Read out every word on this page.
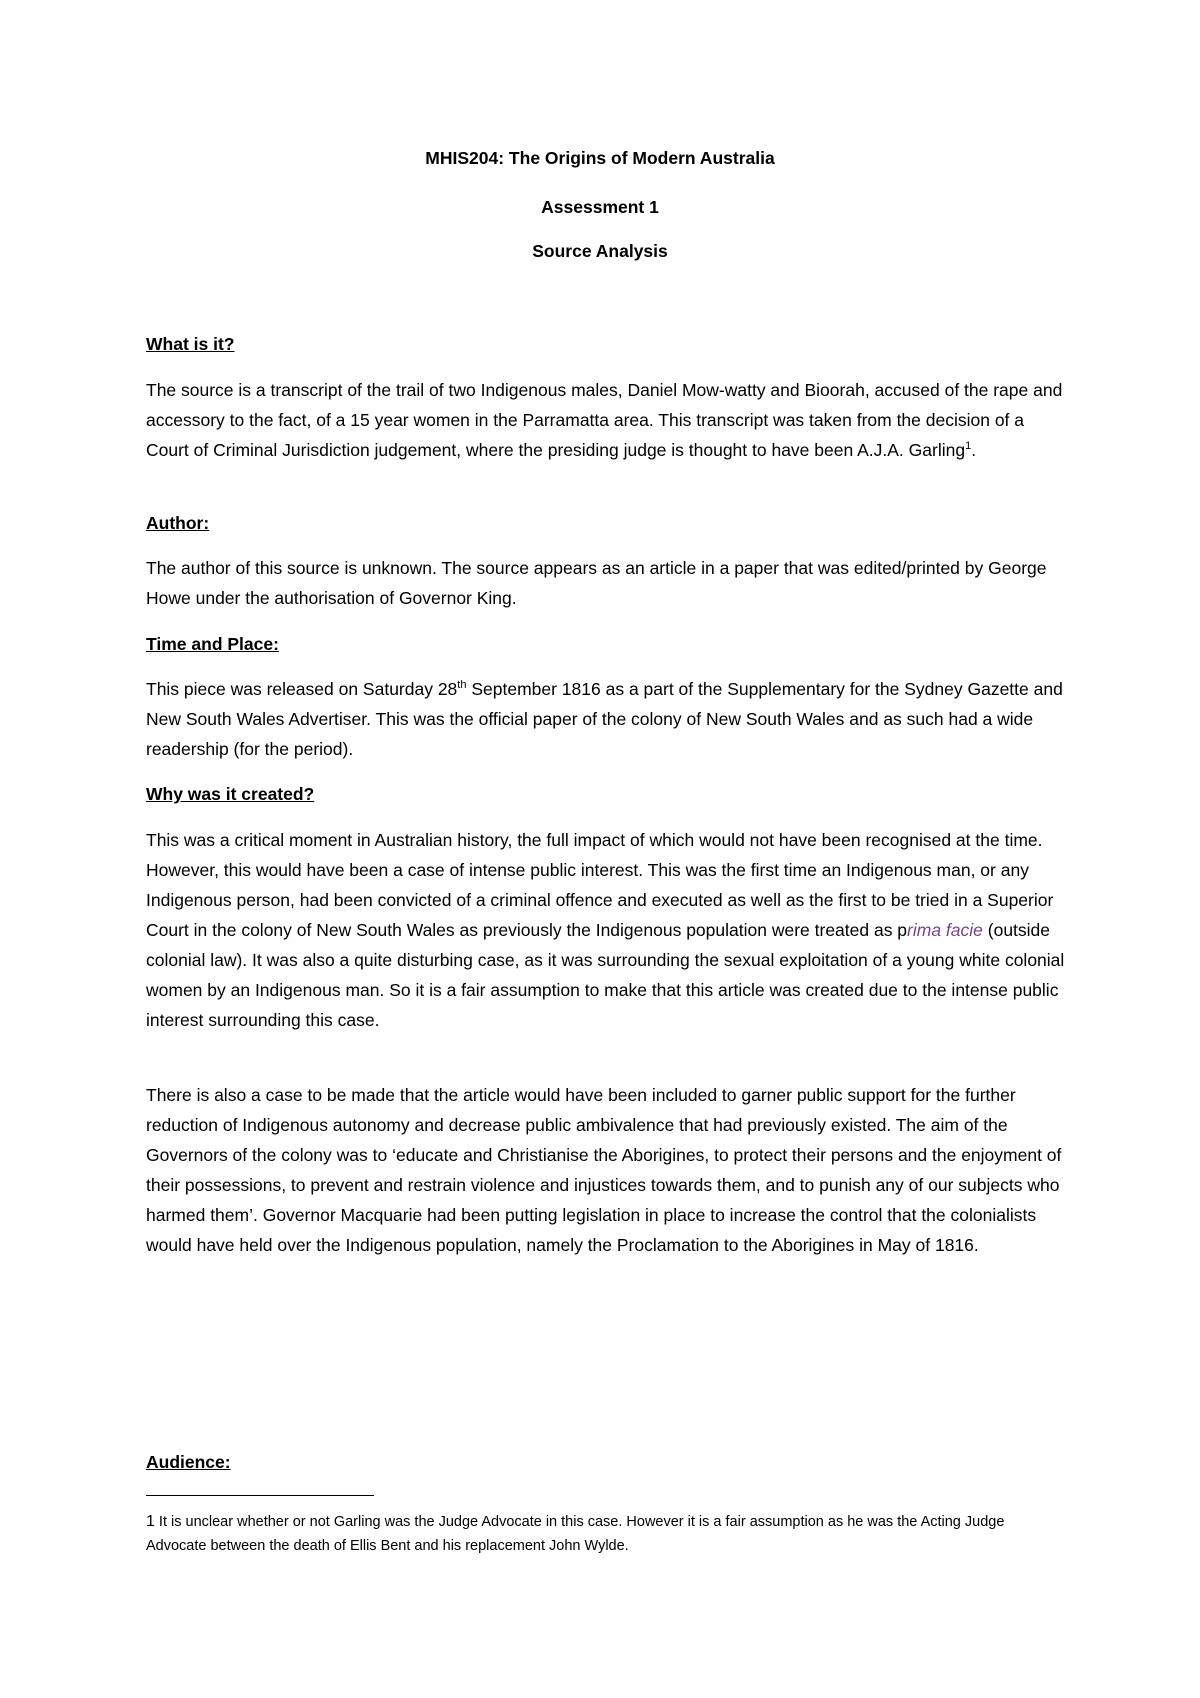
MHIS204: The Origins of Modern Australia
Assessment 1
Source Analysis
What is it?

The source is a transcript of the trail of two Indigenous males, Daniel Mow-watty and Bioorah, accused of the rape and accessory to the fact, of a 15 year women in the Parramatta area. This transcript was taken from the decision of a Court of Criminal Jurisdiction judgement, where the presiding judge is thought to have been A.J.A. Garling$^1$.

Author:

The author of this source is unknown. The source appears as an article in a paper that was edited/printed by George Howe under the authorisation of Governor King.

Time and Place:

This piece was released on Saturday 28th September 1816 as a part of the Supplementary for the Sydney Gazette and New South Wales Advertiser. This was the official paper of the colony of New South Wales and as such had a wide readership (for the period).

Why was it created?

This was a critical moment in Australian history, the full impact of which would not have been recognised at the time. However, this would have been a case of intense public interest. This was the first time an Indigenous man, or any Indigenous person, had been convicted of a criminal offence and executed as well as the first to be tried in a Superior Court in the colony of New South Wales as previously the Indigenous population were treated as prima facie (outside colonial law). It was also a quite disturbing case, as it was surrounding the sexual exploitation of a young white colonial women by an Indigenous man. So it is a fair assumption to make that this article was created due to the intense public interest surrounding this case.

There is also a case to be made that the article would have been included to garner public support for the further reduction of Indigenous autonomy and decrease public ambivalence that had previously existed. The aim of the Governors of the colony was to ‘educate and Christianise the Aborigines, to protect their persons and the enjoyment of their possessions, to prevent and restrain violence and injustices towards them, and to punish any of our subjects who harmed them’. Governor Macquarie had been putting legislation in place to increase the control that the colonialists would have held over the Indigenous population, namely the Proclamation to the Aborigines in May of 1816.

Audience:

1 It is unclear whether or not Garling was the Judge Advocate in this case. However it is a fair assumption as he was the Acting Judge Advocate between the death of Ellis Bent and his replacement John Wylde.
